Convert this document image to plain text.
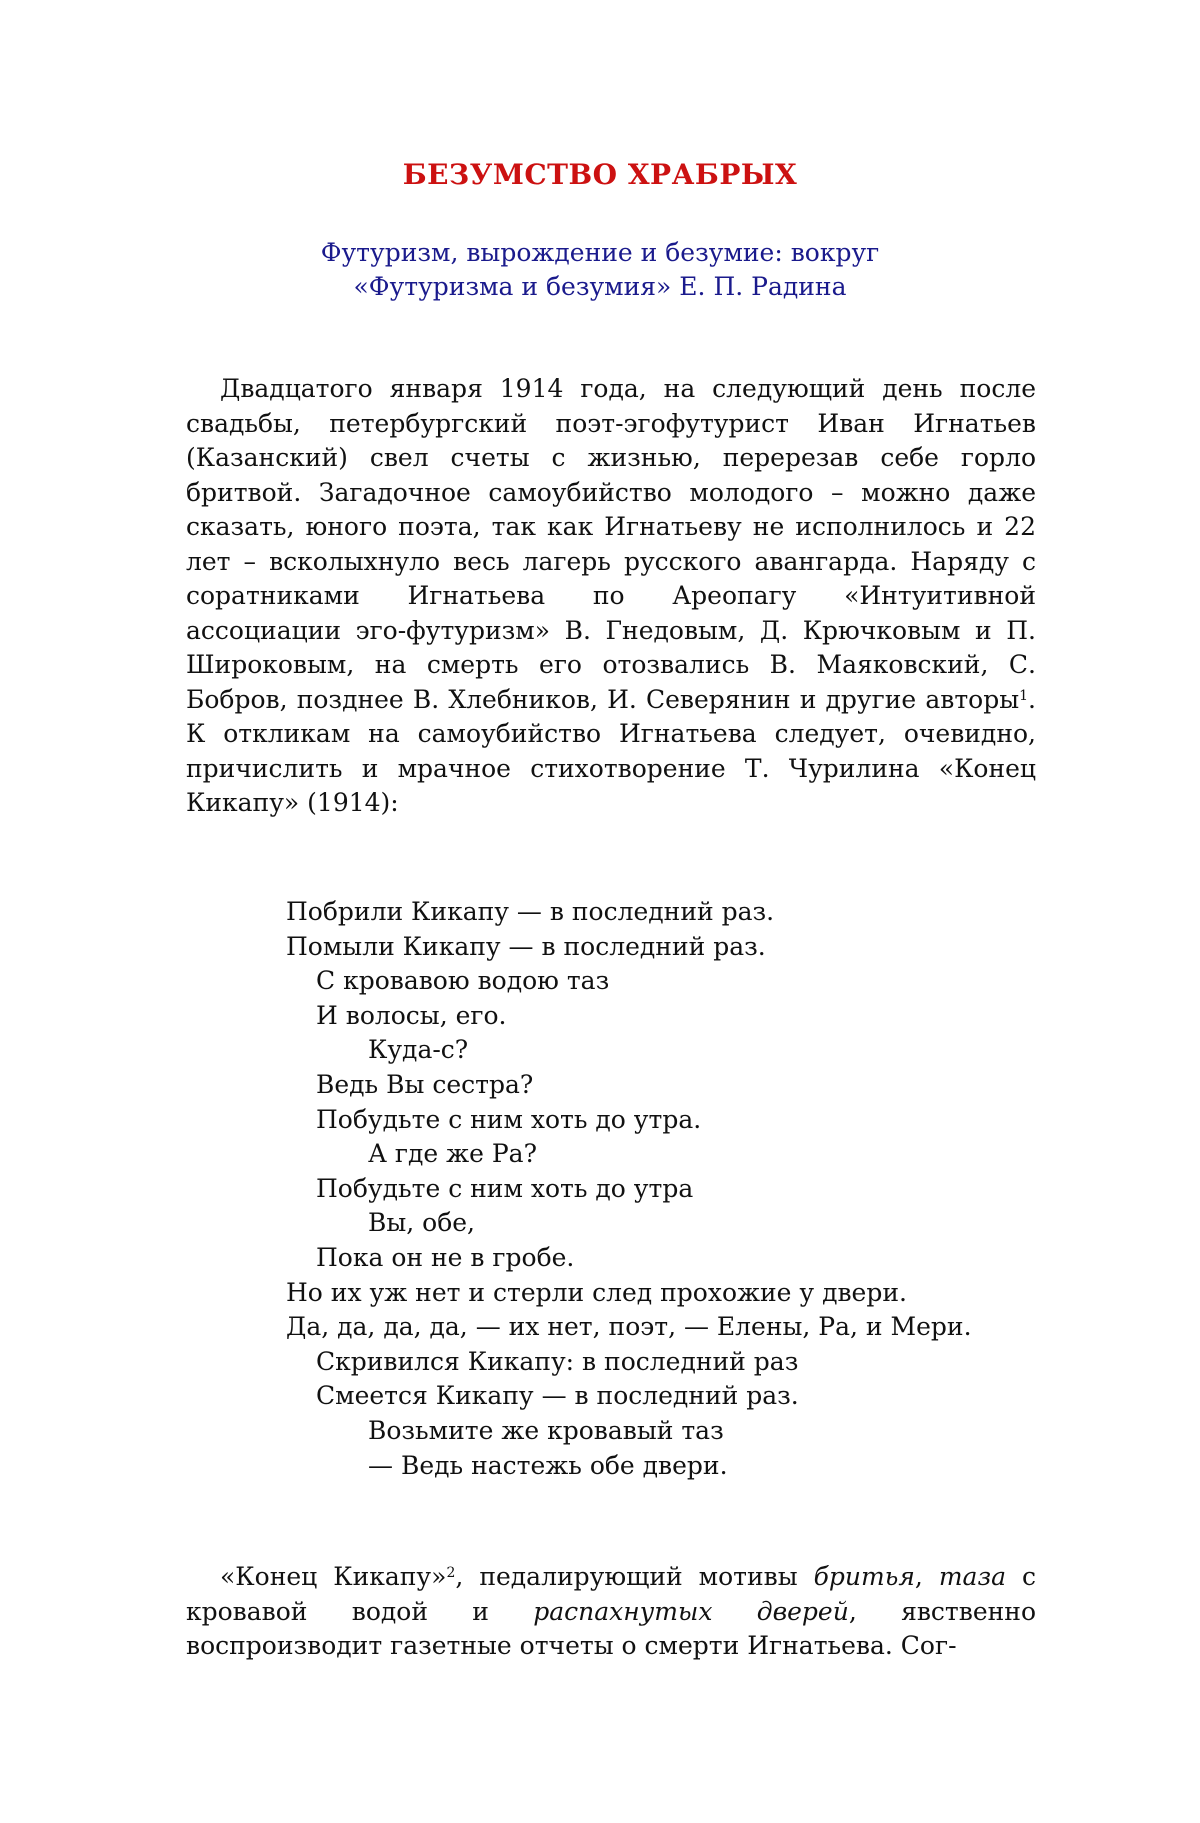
БЕЗУМСТВО ХРАБРЫХ
Футуризм, вырождение и безумие: вокруг
«Футуризма и безумия» Е. П. Радина

Двадцатого января 1914 года, на следующий день после свадьбы, петербургский поэт-эгофутурист Иван Игнатьев (Казанский) свел счеты с жизнью, перерезав себе горло бритвой. Загадочное самоубийство молодого – можно даже сказать, юного поэта, так как Игнатьеву не исполнилось и 22 лет – всколыхнуло весь лагерь русского авангарда. Наряду с соратниками Игнатьева по Ареопагу «Интуитивной ассоциации эго-футуризм» В. Гнедовым, Д. Крючковым и П. Широковым, на смерть его отозвались В. Маяковский, С. Бобров, позднее В. Хлебников, И. Северянин и другие авторы$^1$. К откликам на самоубийство Игнатьева следует, очевидно, причислить и мрачное стихотворение Т. Чурилина «Конец Кикапу» (1914):

Побрили Кикапу — в последний раз.
Помыли Кикапу — в последний раз.
С кровавою водою таз
И волосы, его.
Куда-с?
Ведь Вы сестра?
Побудьте с ним хоть до утра.
А где же Ра?
Побудьте с ним хоть до утра
Вы, обе,
Пока он не в гробе.
Но их уж нет и стерли след прохожие у двери.
Да, да, да, да, — их нет, поэт, — Елены, Ра, и Мери.
Скривился Кикапу: в последний раз
Смеется Кикапу — в последний раз.
Возьмите же кровавый таз
— Ведь настежь обе двери.

«Конец Кикапу»$^2$, педалирующий мотивы бритья, таза с кровавой водой и распахнутых дверей, явственно воспроизводит газетные отчеты о смерти Игнатьева. Сог-
